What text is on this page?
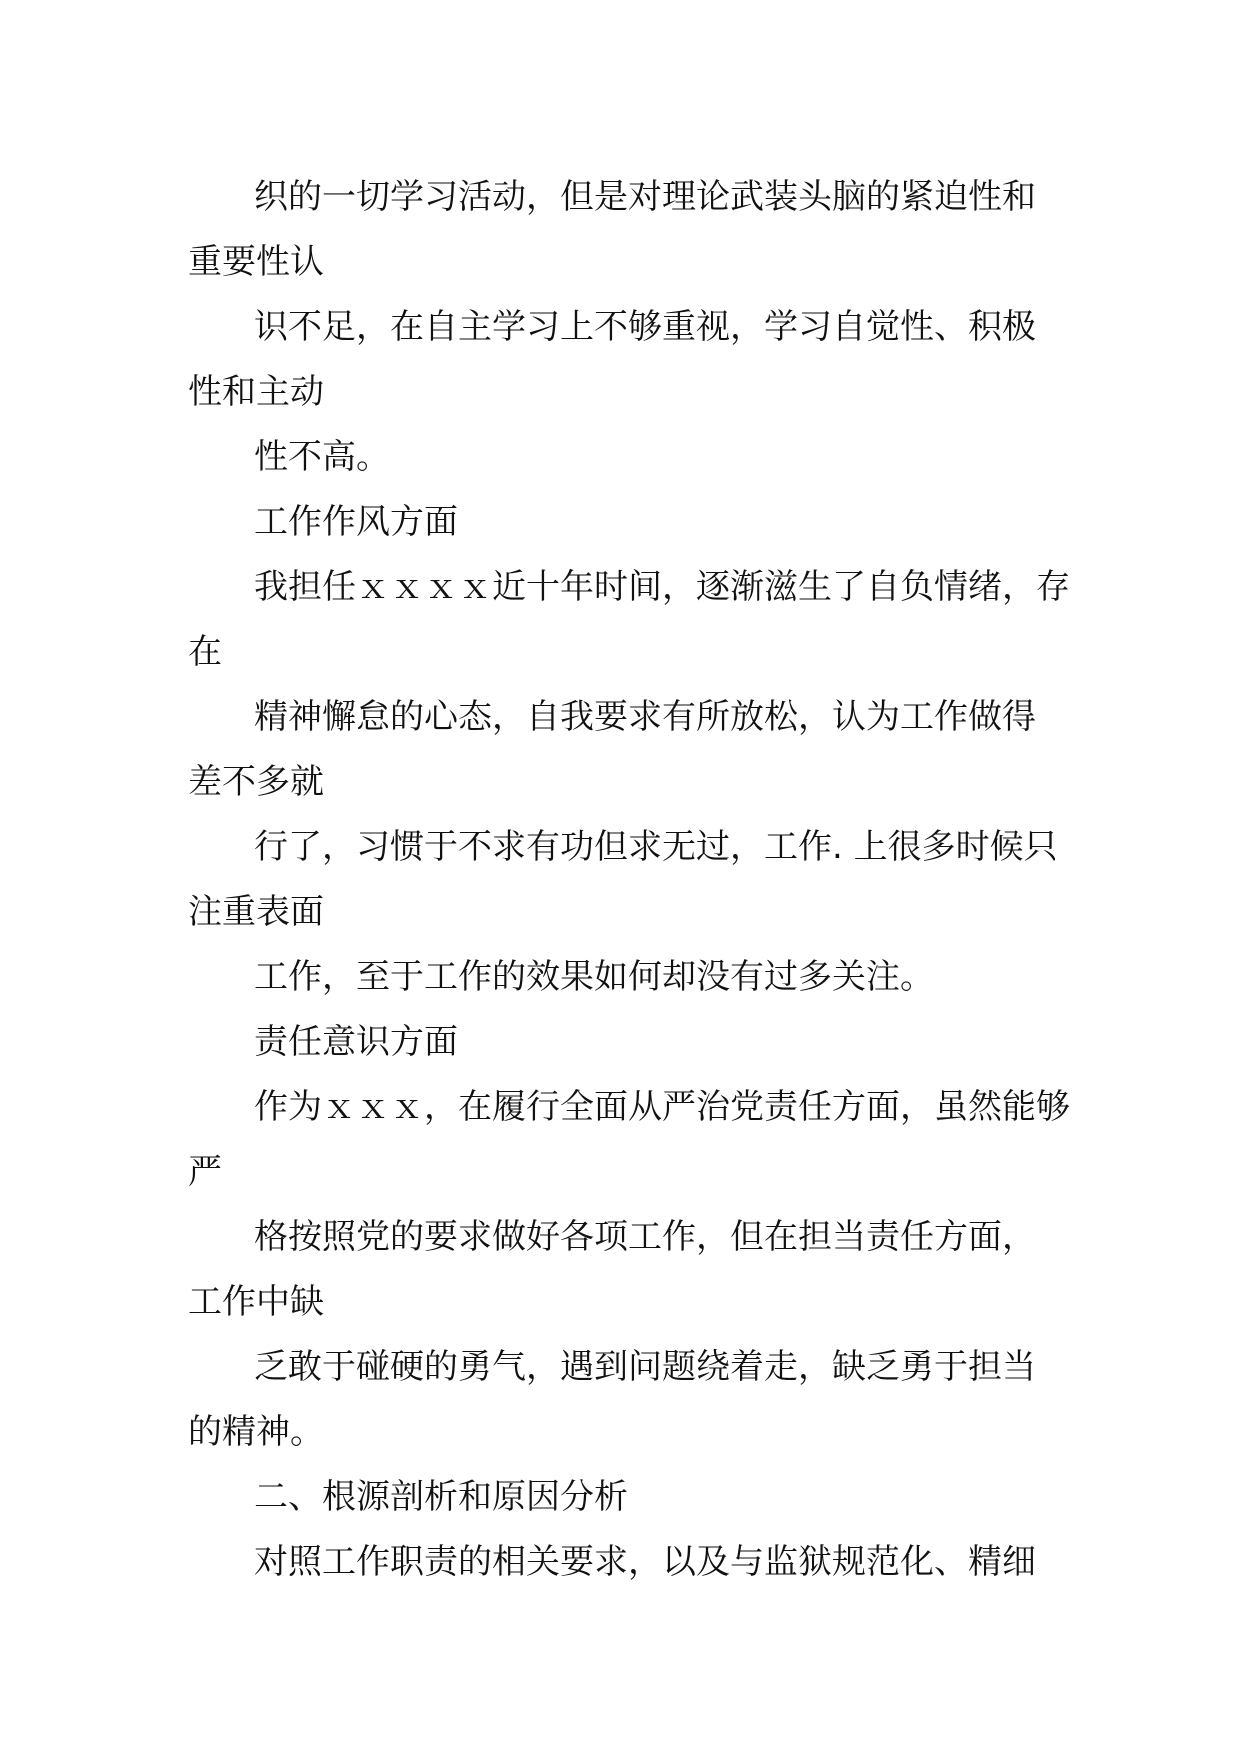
织的一切学习活动，但是对理论武装头脑的紧迫性和
重要性认
识不足，在自主学习上不够重视，学习自觉性、积极
性和主动
性不高。
工作作风方面
我担任ｘｘｘｘ近十年时间，逐渐滋生了自负情绪，存
在
精神懈怠的心态，自我要求有所放松，认为工作做得
差不多就
行了，习惯于不求有功但求无过，工作. 上很多时候只
注重表面
工作，至于工作的效果如何却没有过多关注。
责任意识方面
作为ｘｘｘ，在履行全面从严治党责任方面，虽然能够
严
格按照党的要求做好各项工作，但在担当责任方面，
工作中缺
乏敢于碰硬的勇气，遇到问题绕着走，缺乏勇于担当
的精神。
二、根源剖析和原因分析
对照工作职责的相关要求，以及与监狱规范化、精细
